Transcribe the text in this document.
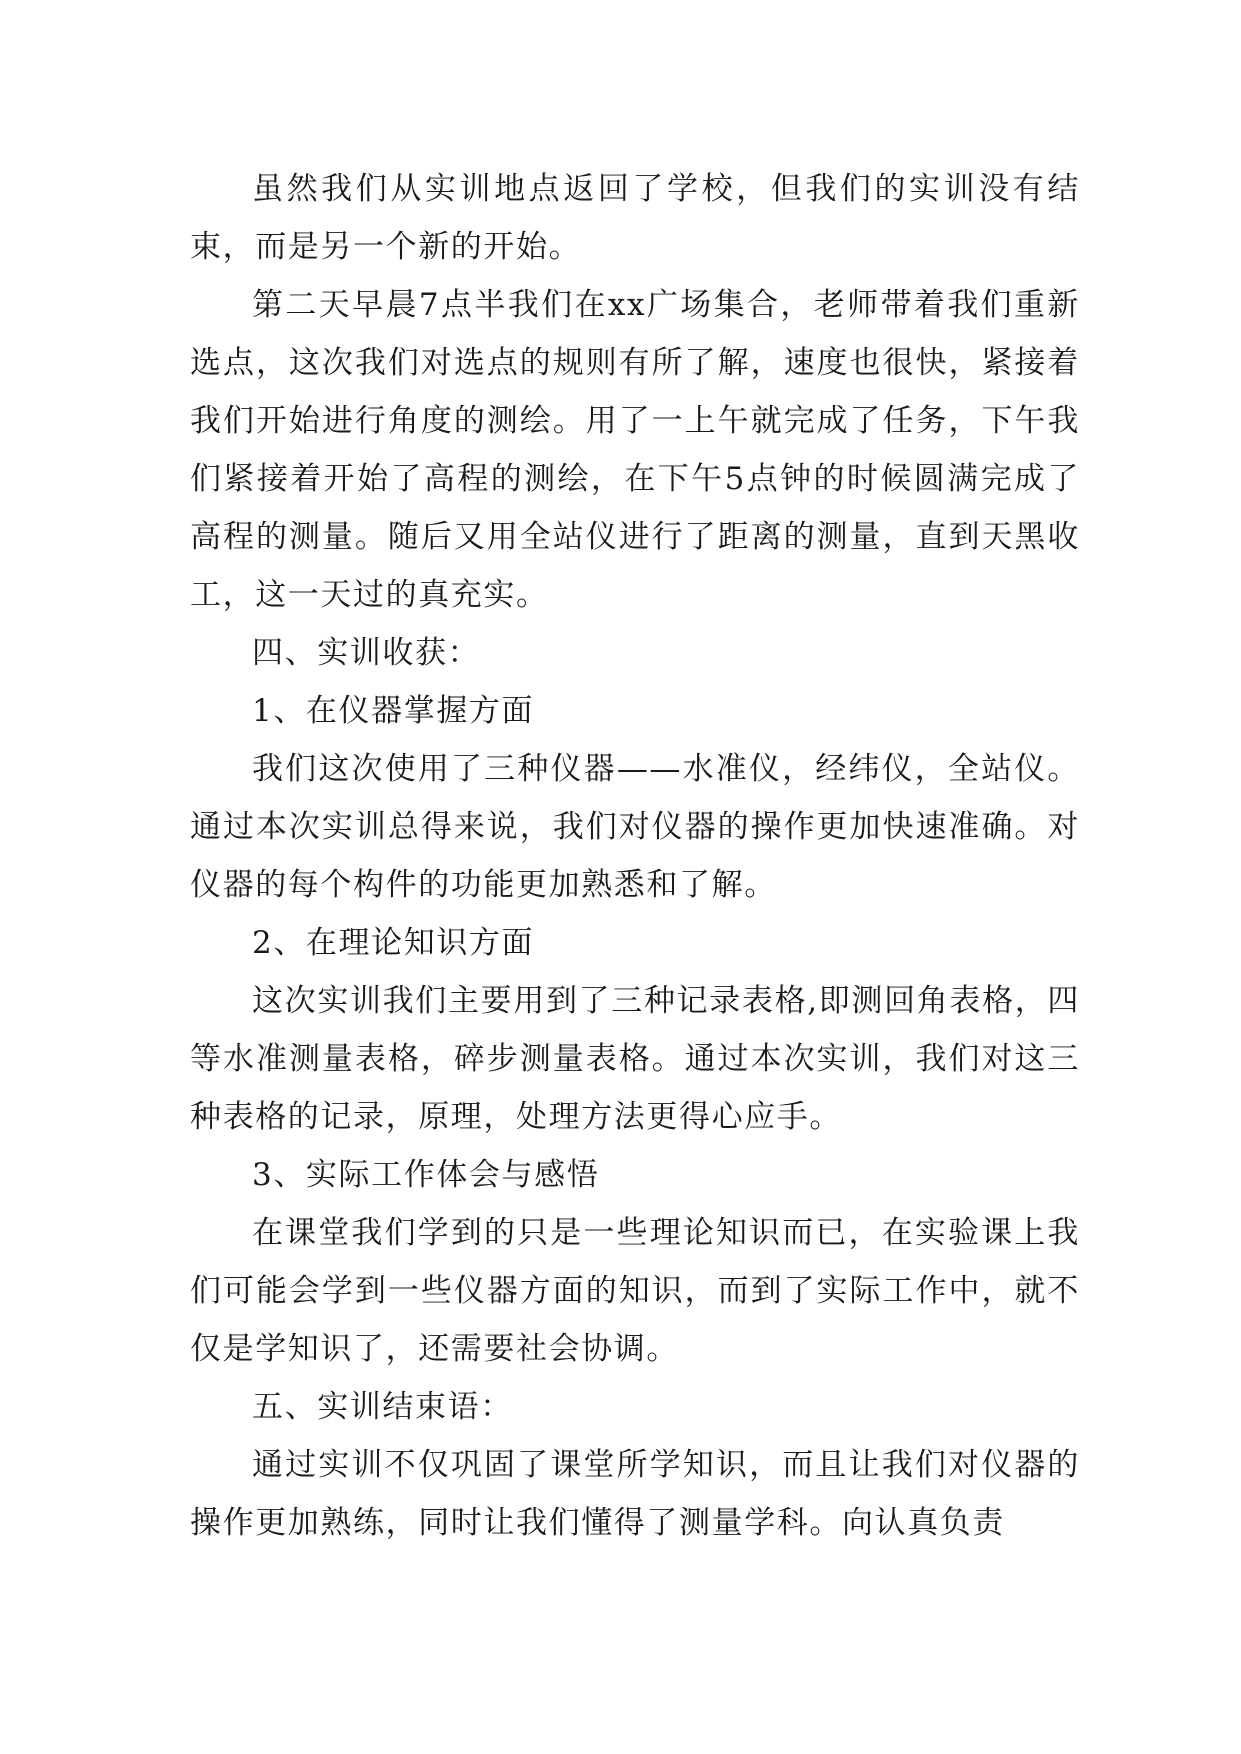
虽然我们从实训地点返回了学校，但我们的实训没有结束，而是另一个新的开始。

第二天早晨7点半我们在xx广场集合，老师带着我们重新选点，这次我们对选点的规则有所了解，速度也很快，紧接着我们开始进行角度的测绘。用了一上午就完成了任务，下午我们紧接着开始了高程的测绘，在下午5点钟的时候圆满完成了高程的测量。随后又用全站仪进行了距离的测量，直到天黑收工，这一天过的真充实。

四、实训收获：

1、在仪器掌握方面

我们这次使用了三种仪器——水准仪，经纬仪，全站仪。通过本次实训总得来说，我们对仪器的操作更加快速准确。对仪器的每个构件的功能更加熟悉和了解。

2、在理论知识方面

这次实训我们主要用到了三种记录表格,即测回角表格，四等水准测量表格，碎步测量表格。通过本次实训，我们对这三种表格的记录，原理，处理方法更得心应手。

3、实际工作体会与感悟

在课堂我们学到的只是一些理论知识而已，在实验课上我们可能会学到一些仪器方面的知识，而到了实际工作中，就不仅是学知识了，还需要社会协调。

五、实训结束语：

通过实训不仅巩固了课堂所学知识，而且让我们对仪器的操作更加熟练，同时让我们懂得了测量学科。向认真负责
